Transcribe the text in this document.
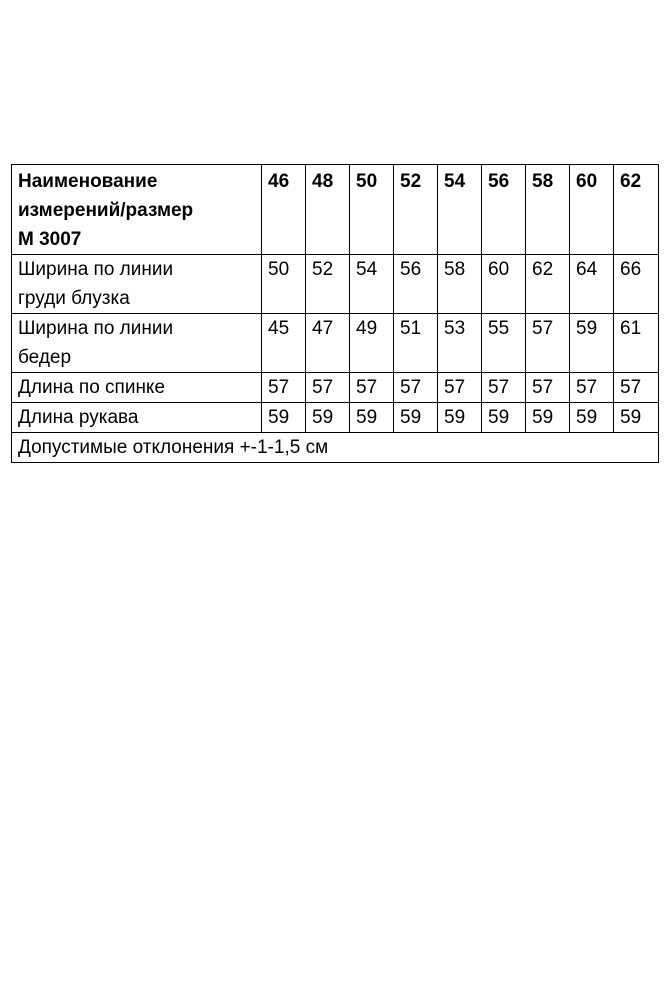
Наименование
измерений/размер
М 3007	46	48	50	52	54	56	58	60	62

Ширина по линии
груди блузка	50	52	54	56	58	60	62	64	66

Ширина по линии
бедер	45	47	49	51	53	55	57	59	61

Длина по спинке	57	57	57	57	57	57	57	57	57

Длина рукава	59	59	59	59	59	59	59	59	59
Допустимые отклонения +-1-1,5 см									
